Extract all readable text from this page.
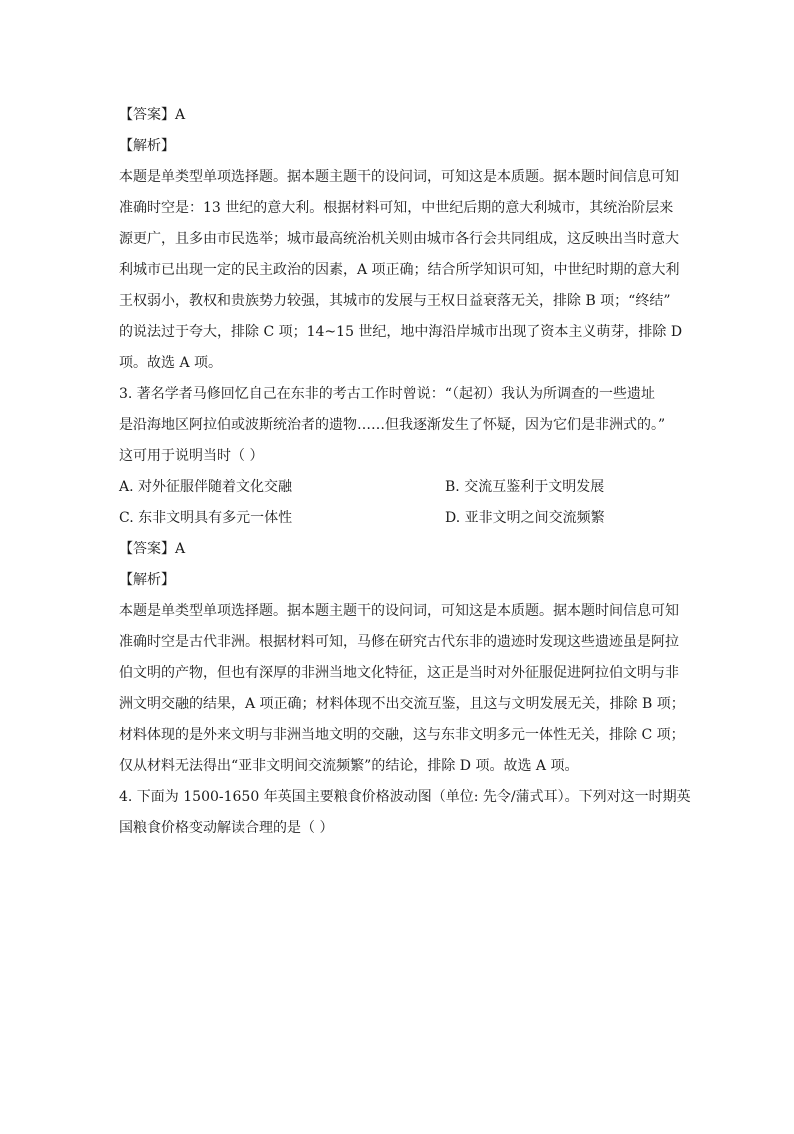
【答案】A
【解析】
本题是单类型单项选择题。据本题主题干的设问词，可知这是本质题。据本题时间信息可知
准确时空是：13 世纪的意大利。根据材料可知，中世纪后期的意大利城市，其统治阶层来
源更广，且多由市民选举；城市最高统治机关则由城市各行会共同组成，这反映出当时意大
利城市已出现一定的民主政治的因素，A 项正确；结合所学知识可知，中世纪时期的意大利
王权弱小，教权和贵族势力较强，其城市的发展与王权日益衰落无关，排除 B 项；“终结”
的说法过于夸大，排除 C 项；14~15 世纪，地中海沿岸城市出现了资本主义萌芽，排除 D
项。故选 A 项。
3. 著名学者马修回忆自己在东非的考古工作时曾说：“（起初）我认为所调查的一些遗址
是沿海地区阿拉伯或波斯统治者的遗物……但我逐渐发生了怀疑，因为它们是非洲式的。”
这可用于说明当时（ ）
A. 对外征服伴随着文化交融	B. 交流互鉴利于文明发展
C. 东非文明具有多元一体性	D. 亚非文明之间交流频繁
【答案】A
【解析】
本题是单类型单项选择题。据本题主题干的设问词，可知这是本质题。据本题时间信息可知
准确时空是古代非洲。根据材料可知，马修在研究古代东非的遗迹时发现这些遗迹虽是阿拉
伯文明的产物，但也有深厚的非洲当地文化特征，这正是当时对外征服促进阿拉伯文明与非
洲文明交融的结果，A 项正确；材料体现不出交流互鉴，且这与文明发展无关，排除 B 项；
材料体现的是外来文明与非洲当地文明的交融，这与东非文明多元一体性无关，排除 C 项；
仅从材料无法得出“亚非文明间交流频繁”的结论，排除 D 项。故选 A 项。
4. 下面为 1500-1650 年英国主要粮食价格波动图（单位: 先令/蒲式耳）。下列对这一时期英
国粮食价格变动解读合理的是（ ）
